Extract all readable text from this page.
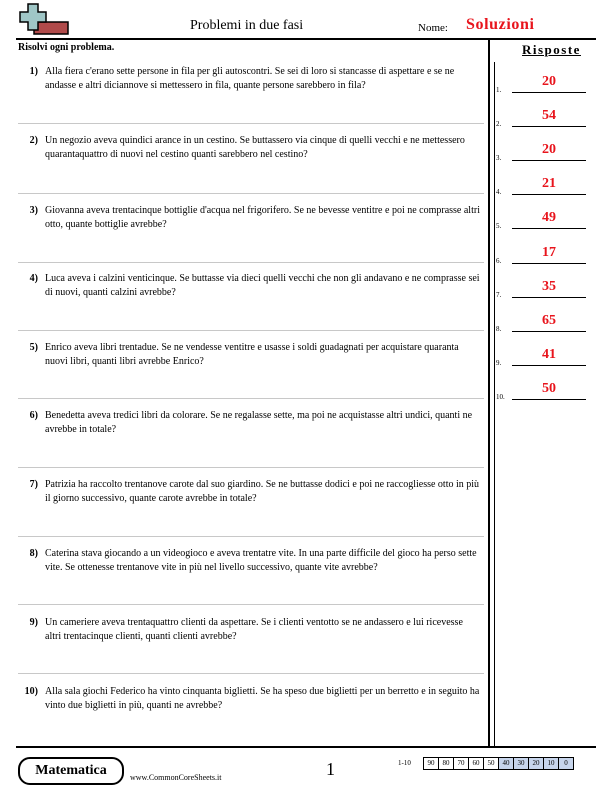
Problemi in due fasi	Nome: Soluzioni
Risolvi ogni problema.	Risposte
1) Alla fiera c'erano sette persone in fila per gli autoscontri. Se sei di loro si stancasse di aspettare e se ne andasse e altri diciannove si mettessero in fila, quante persone sarebbero in fila?
2) Un negozio aveva quindici arance in un cestino. Se buttassero via cinque di quelli vecchi e ne mettessero quarantaquattro di nuovi nel cestino quanti sarebbero nel cestino?
3) Giovanna aveva trentacinque bottiglie d'acqua nel frigorifero. Se ne bevesse ventitre e poi ne comprasse altri otto, quante bottiglie avrebbe?
4) Luca aveva i calzini venticinque. Se buttasse via dieci quelli vecchi che non gli andavano e ne comprasse sei di nuovi, quanti calzini avrebbe?
5) Enrico aveva libri trentadue. Se ne vendesse ventitre e usasse i soldi guadagnati per acquistare quaranta nuovi libri, quanti libri avrebbe Enrico?
6) Benedetta aveva tredici libri da colorare. Se ne regalasse sette, ma poi ne acquistasse altri undici, quanti ne avrebbe in totale?
7) Patrizia ha raccolto trentanove carote dal suo giardino. Se ne buttasse dodici e poi ne raccogliesse otto in più il giorno successivo, quante carote avrebbe in totale?
8) Caterina stava giocando a un videogioco e aveva trentatre vite. In una parte difficile del gioco ha perso sette vite. Se ottenesse trentanove vite in più nel livello successivo, quante vite avrebbe?
9) Un cameriere aveva trentaquattro clienti da aspettare. Se i clienti ventotto se ne andassero e lui ricevesse altri trentacinque clienti, quanti clienti avrebbe?
10) Alla sala giochi Federico ha vinto cinquanta biglietti. Se ha speso due biglietti per un berretto e in seguito ha vinto due biglietti in più, quanti ne avrebbe?
1.
20
2.
54
3.
20
4.
21
5.
49
6.
17
7.
35
8.
65
9.
41
10.
50
Matematica	www.CommonCoreSheets.it	1	1-10	90	80	70	60	50	40	30	20	10	0
